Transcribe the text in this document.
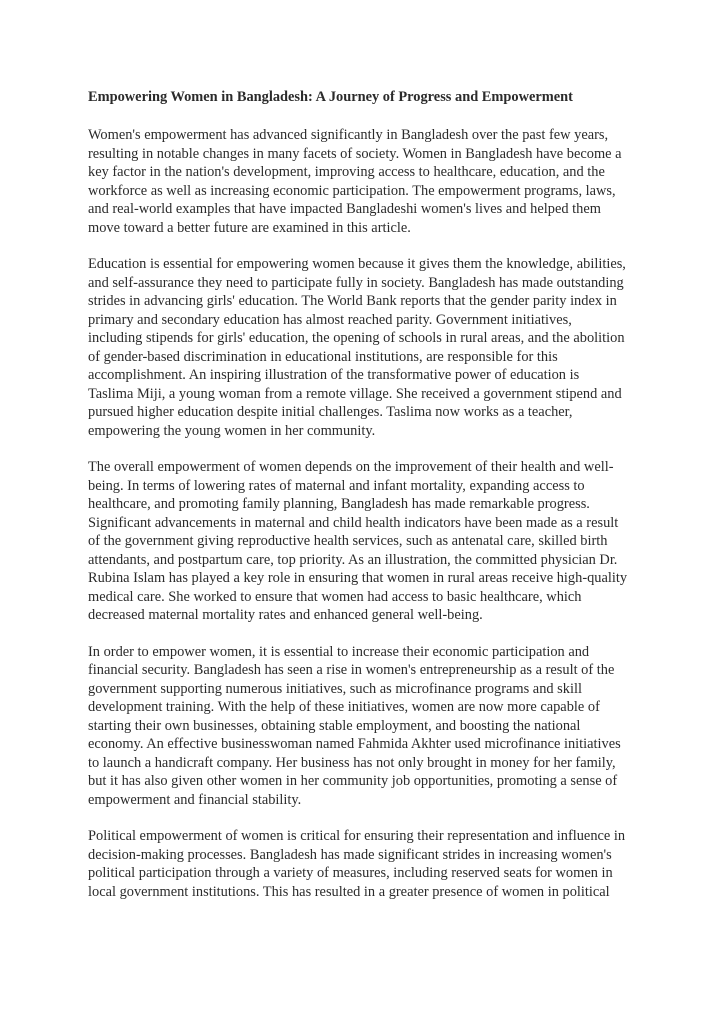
Empowering Women in Bangladesh: A Journey of Progress and Empowerment
Women's empowerment has advanced significantly in Bangladesh over the past few years,
resulting in notable changes in many facets of society. Women in Bangladesh have become a
key factor in the nation's development, improving access to healthcare, education, and the
workforce as well as increasing economic participation. The empowerment programs, laws,
and real-world examples that have impacted Bangladeshi women's lives and helped them
move toward a better future are examined in this article.
Education is essential for empowering women because it gives them the knowledge, abilities,
and self-assurance they need to participate fully in society. Bangladesh has made outstanding
strides in advancing girls' education. The World Bank reports that the gender parity index in
primary and secondary education has almost reached parity. Government initiatives,
including stipends for girls' education, the opening of schools in rural areas, and the abolition
of gender-based discrimination in educational institutions, are responsible for this
accomplishment. An inspiring illustration of the transformative power of education is
Taslima Miji, a young woman from a remote village. She received a government stipend and
pursued higher education despite initial challenges. Taslima now works as a teacher,
empowering the young women in her community.
The overall empowerment of women depends on the improvement of their health and well-
being. In terms of lowering rates of maternal and infant mortality, expanding access to
healthcare, and promoting family planning, Bangladesh has made remarkable progress.
Significant advancements in maternal and child health indicators have been made as a result
of the government giving reproductive health services, such as antenatal care, skilled birth
attendants, and postpartum care, top priority. As an illustration, the committed physician Dr.
Rubina Islam has played a key role in ensuring that women in rural areas receive high-quality
medical care. She worked to ensure that women had access to basic healthcare, which
decreased maternal mortality rates and enhanced general well-being.
In order to empower women, it is essential to increase their economic participation and
financial security. Bangladesh has seen a rise in women's entrepreneurship as a result of the
government supporting numerous initiatives, such as microfinance programs and skill
development training. With the help of these initiatives, women are now more capable of
starting their own businesses, obtaining stable employment, and boosting the national
economy. An effective businesswoman named Fahmida Akhter used microfinance initiatives
to launch a handicraft company. Her business has not only brought in money for her family,
but it has also given other women in her community job opportunities, promoting a sense of
empowerment and financial stability.
Political empowerment of women is critical for ensuring their representation and influence in
decision-making processes. Bangladesh has made significant strides in increasing women's
political participation through a variety of measures, including reserved seats for women in
local government institutions. This has resulted in a greater presence of women in political
